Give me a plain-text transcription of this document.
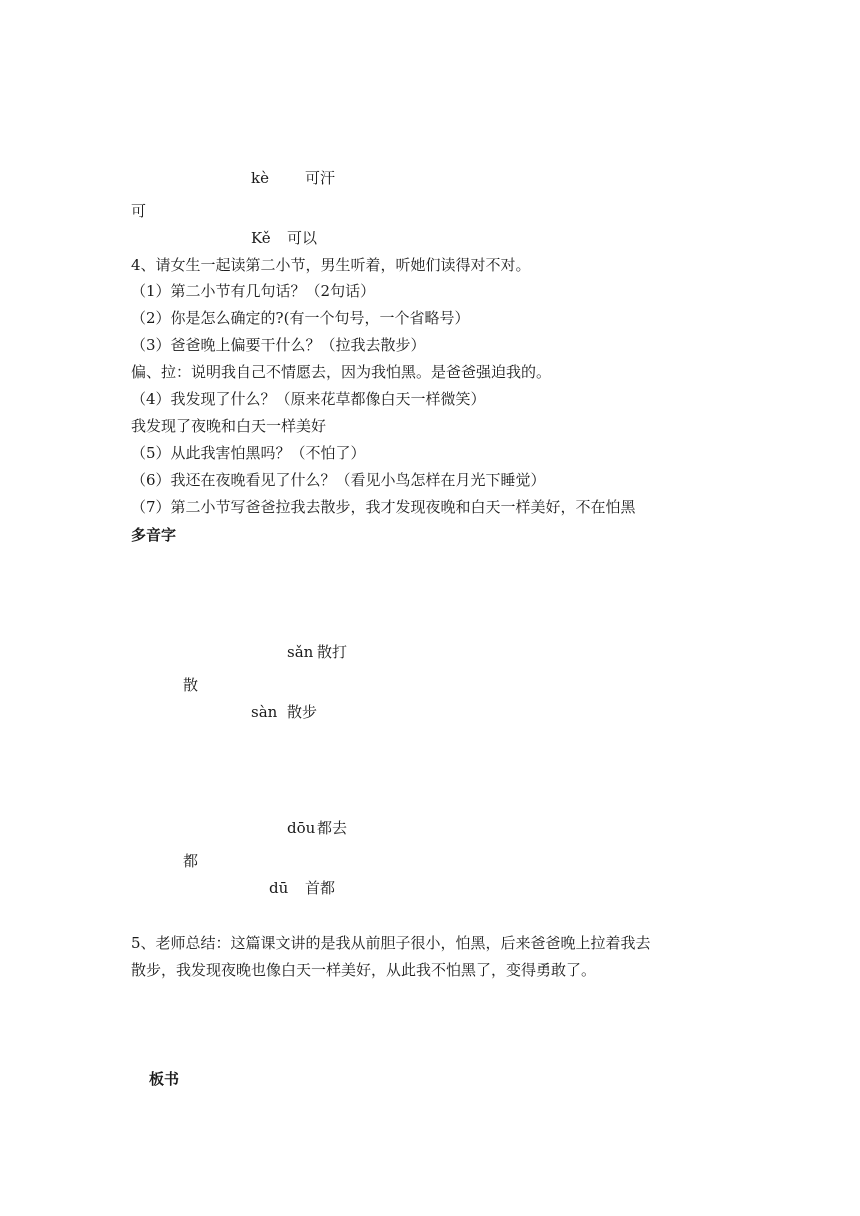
kè 可汗
可
Kě 可以
4、请女生一起读第二小节，男生听着，听她们读得对不对。
（1）第二小节有几句话？（2句话）
（2）你是怎么确定的?(有一个句号，一个省略号）
（3）爸爸晚上偏要干什么？（拉我去散步）
偏、拉：说明我自己不情愿去，因为我怕黑。是爸爸强迫我的。
（4）我发现了什么？（原来花草都像白天一样微笑）
我发现了夜晚和白天一样美好
（5）从此我害怕黑吗？（不怕了）
（6）我还在夜晚看见了什么？（看见小鸟怎样在月光下睡觉）
（7）第二小节写爸爸拉我去散步，我才发现夜晚和白天一样美好，不在怕黑
多音字
sǎn 散打
散
sàn 散步
dōu 都去
都
dū 首都
5、老师总结：这篇课文讲的是我从前胆子很小，怕黑，后来爸爸晚上拉着我去
散步，我发现夜晚也像白天一样美好，从此我不怕黑了，变得勇敢了。
板书
